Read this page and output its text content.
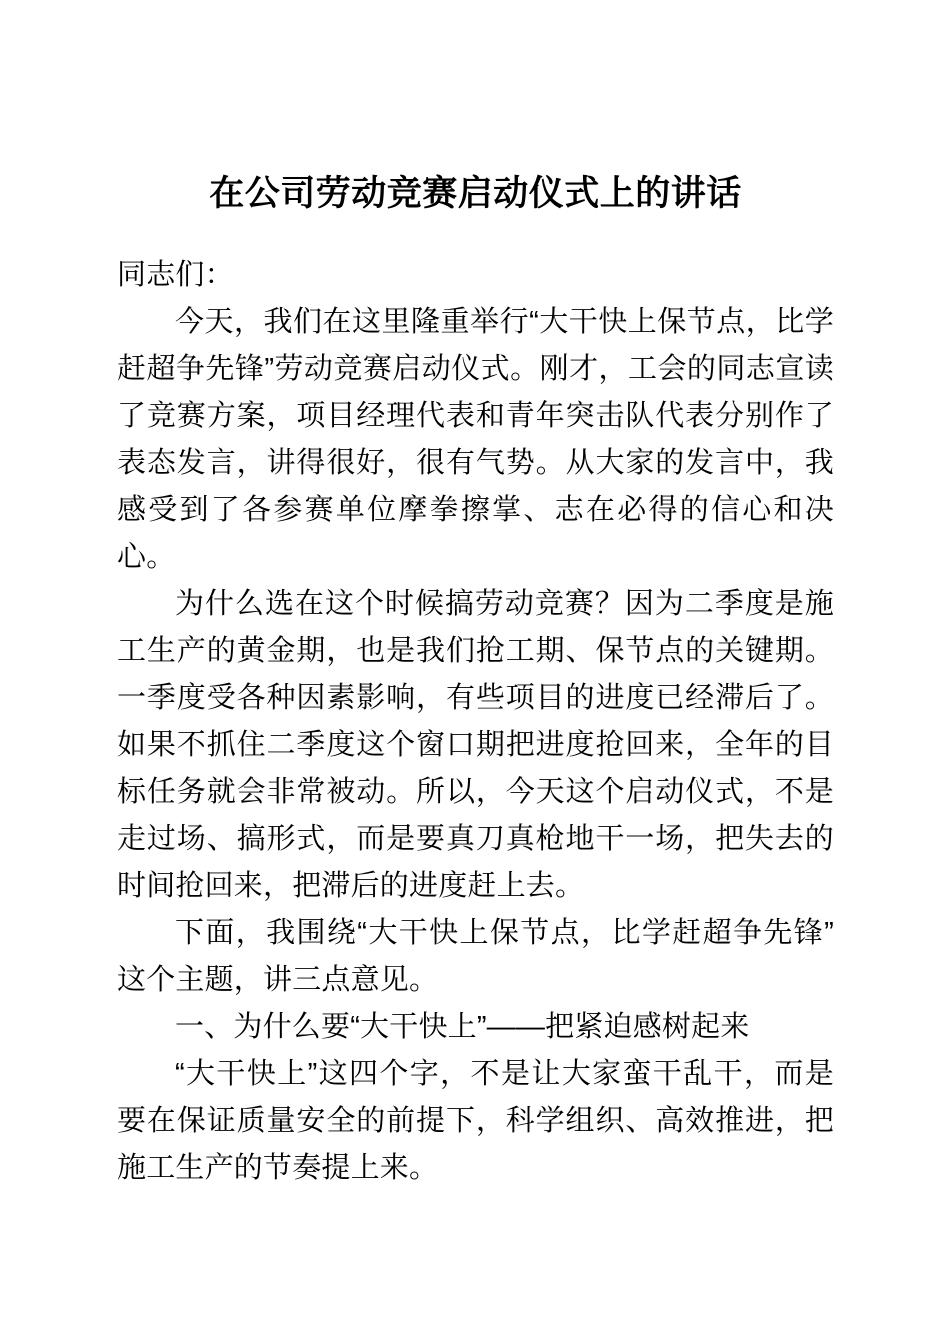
在公司劳动竞赛启动仪式上的讲话

同志们：

今天，我们在这里隆重举行“大干快上保节点，比学赶超争先锋”劳动竞赛启动仪式。刚才，工会的同志宣读了竞赛方案，项目经理代表和青年突击队代表分别作了表态发言，讲得很好，很有气势。从大家的发言中，我感受到了各参赛单位摩拳擦掌、志在必得的信心和决心。

为什么选在这个时候搞劳动竞赛？因为二季度是施工生产的黄金期，也是我们抢工期、保节点的关键期。一季度受各种因素影响，有些项目的进度已经滞后了。如果不抓住二季度这个窗口期把进度抢回来，全年的目标任务就会非常被动。所以，今天这个启动仪式，不是走过场、搞形式，而是要真刀真枪地干一场，把失去的时间抢回来，把滞后的进度赶上去。

下面，我围绕“大干快上保节点，比学赶超争先锋”这个主题，讲三点意见。

一、为什么要“大干快上”——把紧迫感树起来

“大干快上”这四个字，不是让大家蛮干乱干，而是要在保证质量安全的前提下，科学组织、高效推进，把施工生产的节奏提上来。
